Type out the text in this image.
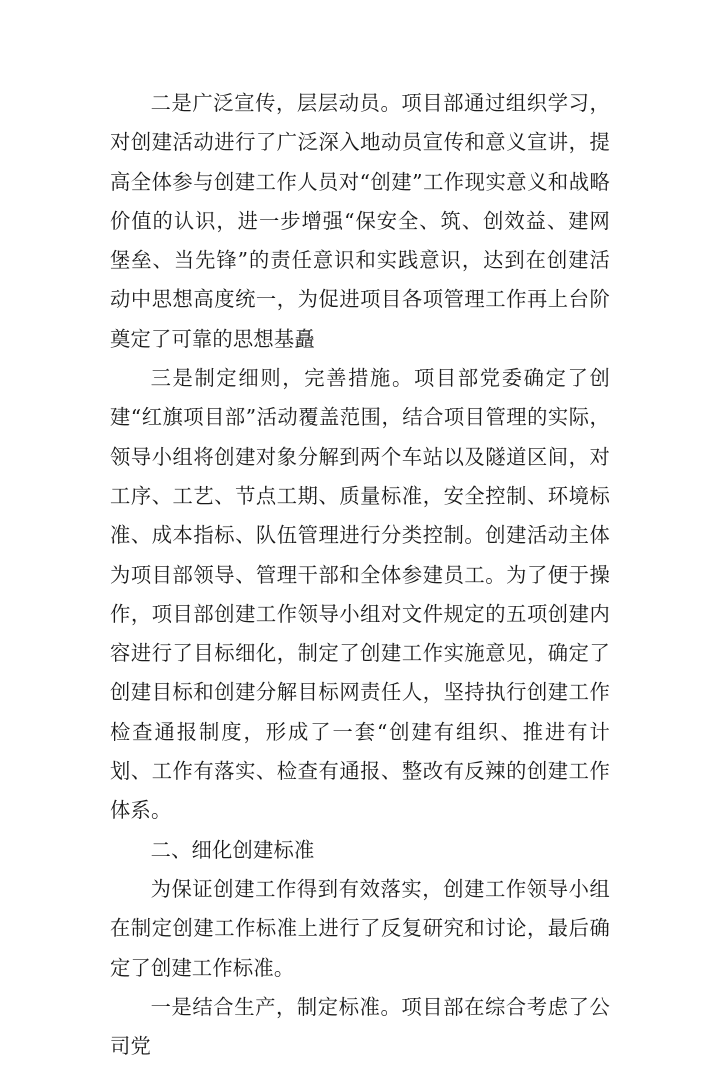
二是广泛宣传，层层动员。项目部通过组织学习，对创建活动进行了广泛深入地动员宣传和意义宣讲，提高全体参与创建工作人员对“创建”工作现实意义和战略价值的认识，进一步增强“保安全、筑、创效益、建网堡垒、当先锋”的责任意识和实践意识，达到在创建活动中思想高度统一，为促进项目各项管理工作再上台阶奠定了可靠的思想基矗

三是制定细则，完善措施。项目部党委确定了创建“红旗项目部”活动覆盖范围，结合项目管理的实际，领导小组将创建对象分解到两个车站以及隧道区间，对工序、工艺、节点工期、质量标准，安全控制、环境标准、成本指标、队伍管理进行分类控制。创建活动主体为项目部领导、管理干部和全体参建员工。为了便于操作，项目部创建工作领导小组对文件规定的五项创建内容进行了目标细化，制定了创建工作实施意见，确定了创建目标和创建分解目标网责任人，坚持执行创建工作检查通报制度，形成了一套“创建有组织、推进有计划、工作有落实、检查有通报、整改有反辣的创建工作体系。

二、细化创建标准

为保证创建工作得到有效落实，创建工作领导小组在制定创建工作标准上进行了反复研究和讨论，最后确定了创建工作标准。

一是结合生产，制定标准。项目部在综合考虑了公司党
